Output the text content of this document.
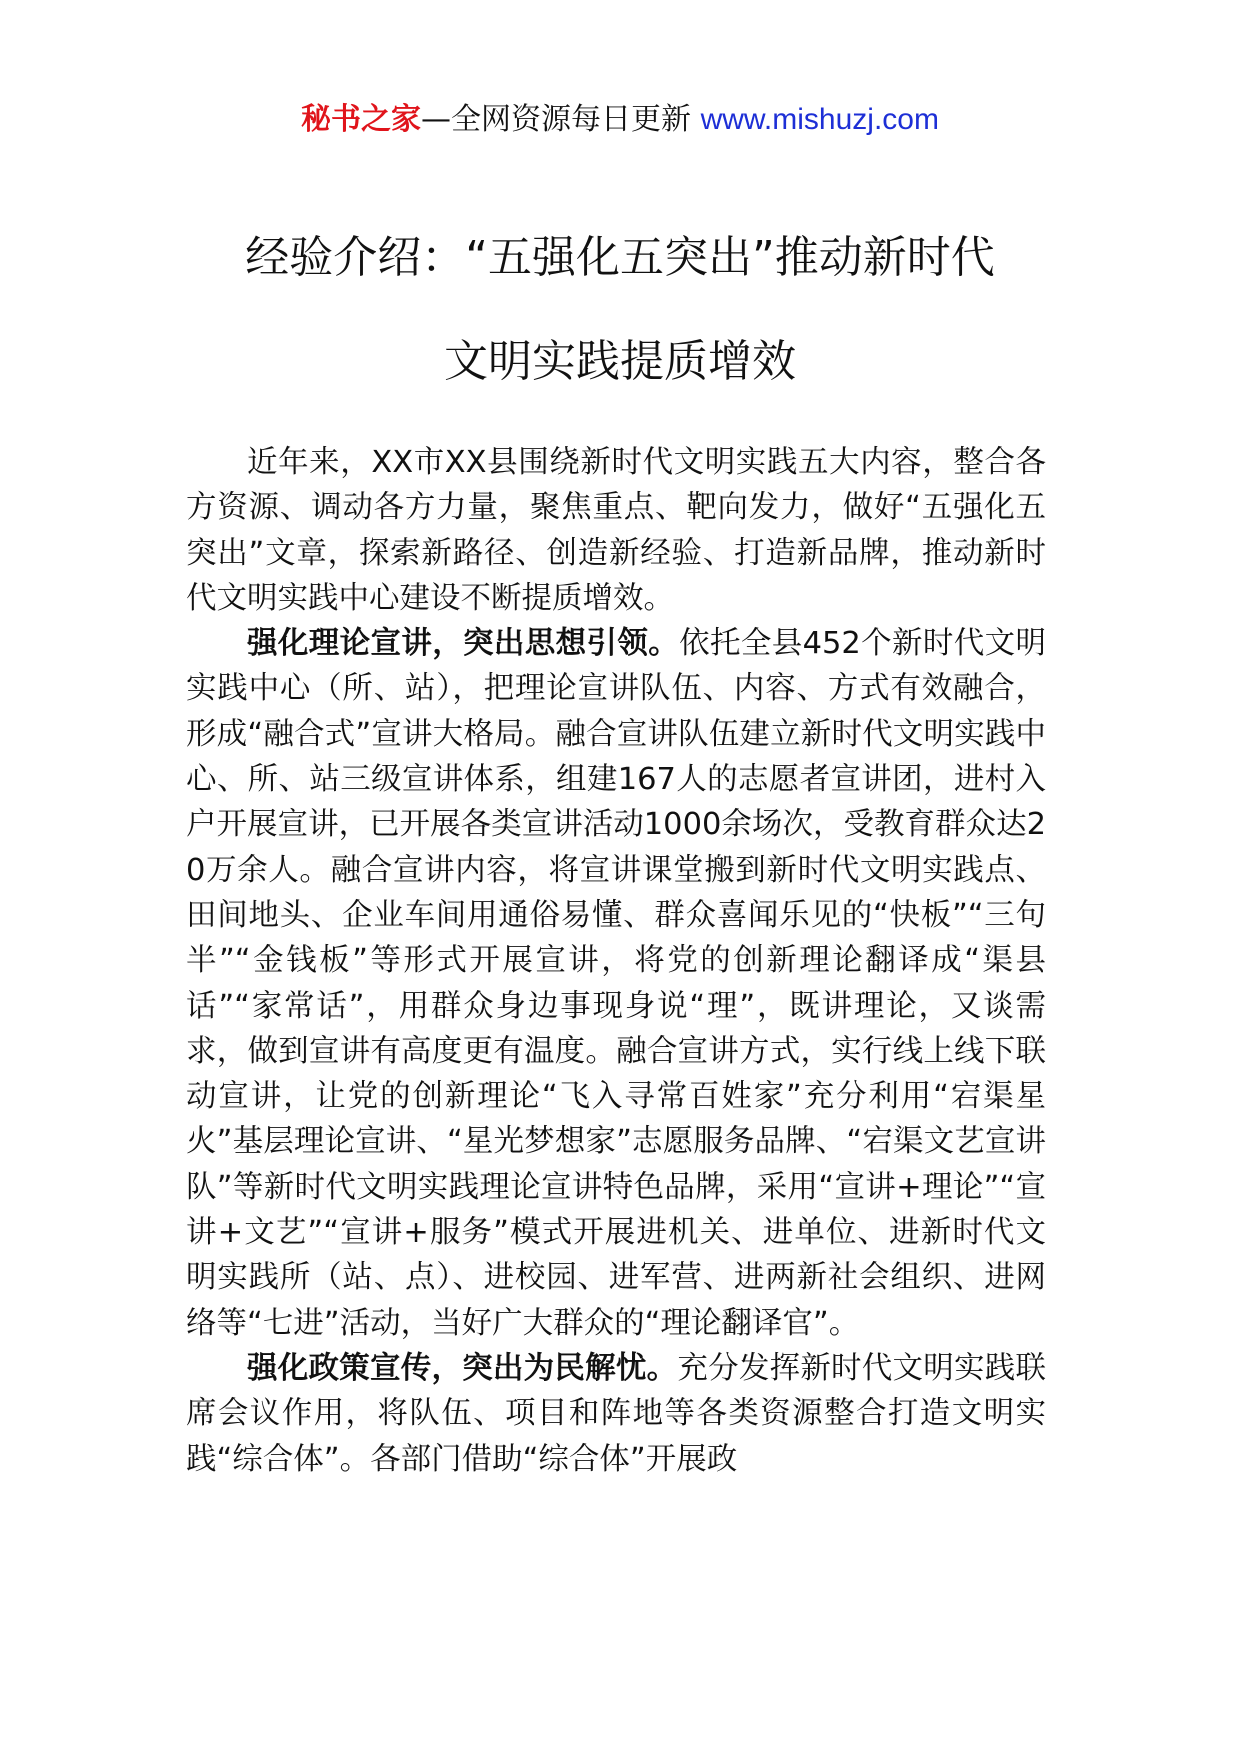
秘书之家—全网资源每日更新 www.mishuzj.com
经验介绍：“五强化五突出”推动新时代
文明实践提质增效

近年来，XX市XX县围绕新时代文明实践五大内容，整合各方资源、调动各方力量，聚焦重点、靶向发力，做好“五强化五突出”文章，探索新路径、创造新经验、打造新品牌，推动新时代文明实践中心建设不断提质增效。

强化理论宣讲，突出思想引领。依托全县452个新时代文明实践中心（所、站），把理论宣讲队伍、内容、方式有效融合，形成“融合式”宣讲大格局。融合宣讲队伍建立新时代文明实践中心、所、站三级宣讲体系，组建167人的志愿者宣讲团，进村入户开展宣讲，已开展各类宣讲活动1000余场次，受教育群众达20万余人。融合宣讲内容，将宣讲课堂搬到新时代文明实践点、田间地头、企业车间用通俗易懂、群众喜闻乐见的“快板”“三句半”“金钱板”等形式开展宣讲，将党的创新理论翻译成“渠县话”“家常话”，用群众身边事现身说“理”，既讲理论，又谈需求，做到宣讲有高度更有温度。融合宣讲方式，实行线上线下联动宣讲，让党的创新理论“飞入寻常百姓家”充分利用“宕渠星火”基层理论宣讲、“星光梦想家”志愿服务品牌、“宕渠文艺宣讲队”等新时代文明实践理论宣讲特色品牌，采用“宣讲+理论”“宣讲+文艺”“宣讲+服务”模式开展进机关、进单位、进新时代文明实践所（站、点）、进校园、进军营、进两新社会组织、进网络等“七进”活动，当好广大群众的“理论翻译官”。

强化政策宣传，突出为民解忧。充分发挥新时代文明实践联席会议作用，将队伍、项目和阵地等各类资源整合打造文明实践“综合体”。各部门借助“综合体”开展政
